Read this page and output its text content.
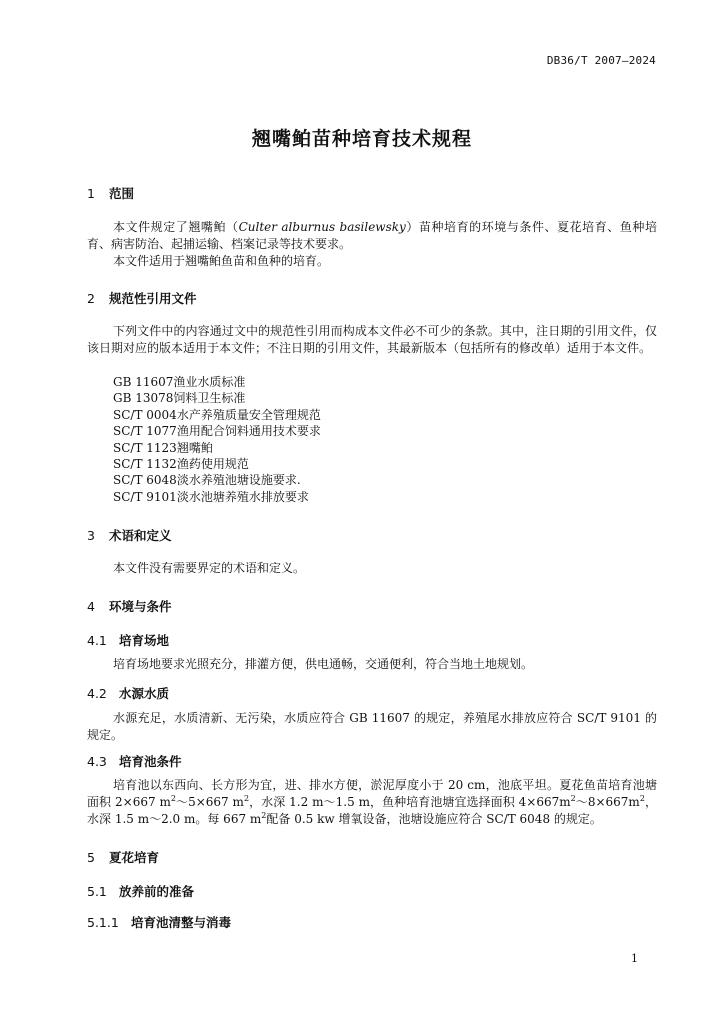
DB36/T 2007—2024
翘嘴鲌苗种培育技术规程
1 范围
本文件规定了翘嘴鲌（Culter alburnus basilewsky）苗种培育的环境与条件、夏花培育、鱼种培育、病害防治、起捕运输、档案记录等技术要求。
本文件适用于翘嘴鲌鱼苗和鱼种的培育。
2 规范性引用文件
下列文件中的内容通过文中的规范性引用而构成本文件必不可少的条款。其中，注日期的引用文件，仅该日期对应的版本适用于本文件；不注日期的引用文件，其最新版本（包括所有的修改单）适用于本文件。
GB 11607渔业水质标准
GB 13078饲料卫生标准
SC/T 0004水产养殖质量安全管理规范
SC/T 1077渔用配合饲料通用技术要求
SC/T 1123翘嘴鲌
SC/T 1132渔药使用规范
SC/T 6048淡水养殖池塘设施要求.
SC/T 9101淡水池塘养殖水排放要求
3 术语和定义
本文件没有需要界定的术语和定义。
4 环境与条件
4.1 培育场地
培育场地要求光照充分，排灌方便，供电通畅，交通便利，符合当地土地规划。
4.2 水源水质
水源充足，水质清新、无污染，水质应符合 GB 11607 的规定，养殖尾水排放应符合 SC/T 9101 的规定。
4.3 培育池条件
培育池以东西向、长方形为宜，进、排水方便，淤泥厚度小于 20 cm，池底平坦。夏花鱼苗培育池塘面积 2×667 $m^2\sim 5\times 667$ $m^2$，水深 1.2 m～1.5 m，鱼种培育池塘宜选择面积 $4\times 667m^2\sim 8\times 667m^2$，水深 1.5 m～2.0 m。每 667 $m^2$配备 0.5 kw 增氧设备，池塘设施应符合 SC/T 6048 的规定。
5 夏花培育
5.1 放养前的准备
5.1.1 培育池清整与消毒
1
